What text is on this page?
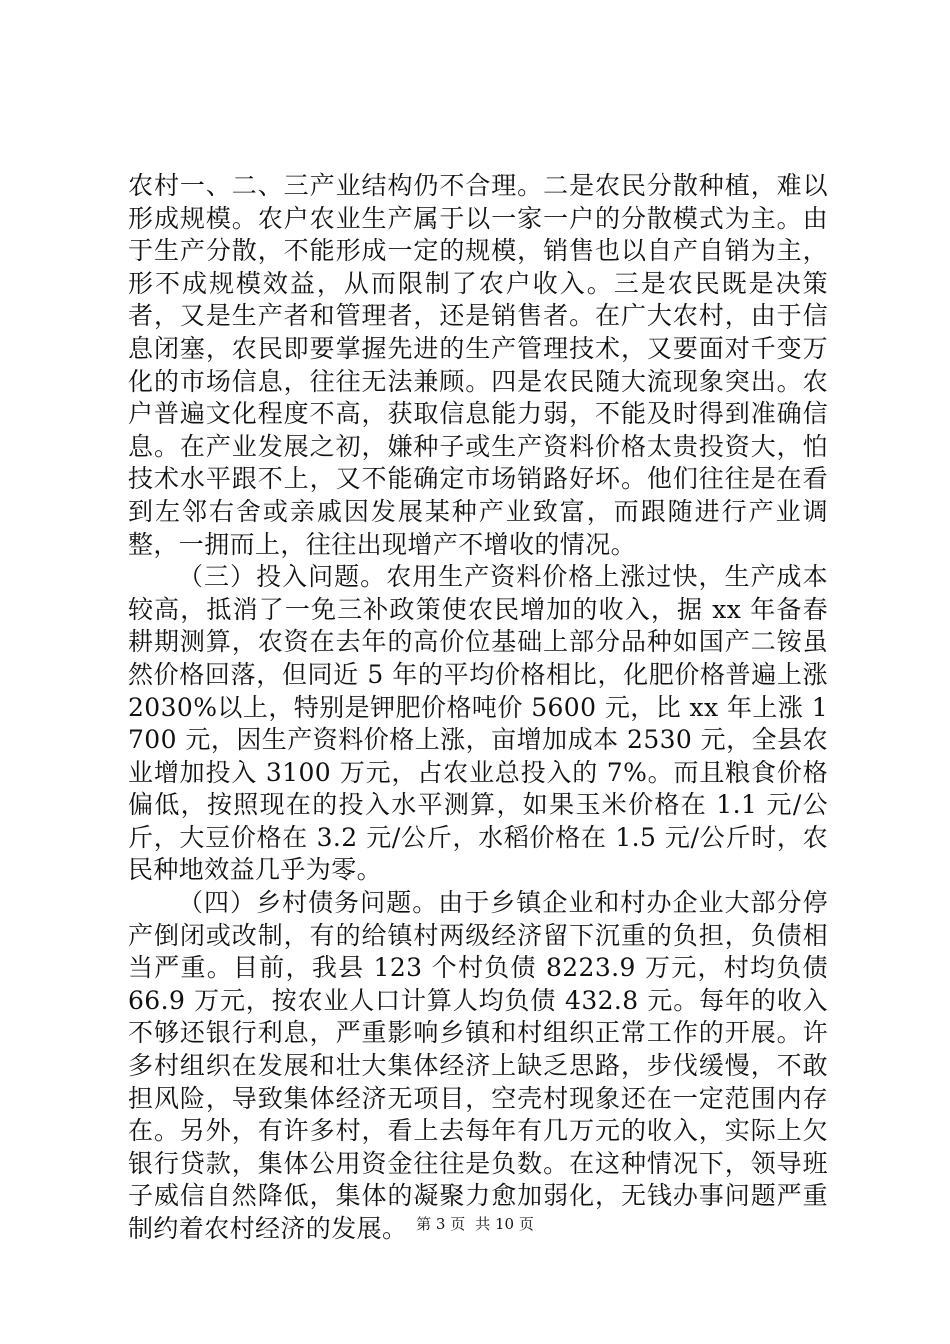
农村一、二、三产业结构仍不合理。二是农民分散种植，难以形成规模。农户农业生产属于以一家一户的分散模式为主。由于生产分散，不能形成一定的规模，销售也以自产自销为主，形不成规模效益，从而限制了农户收入。三是农民既是决策者，又是生产者和管理者，还是销售者。在广大农村，由于信息闭塞，农民即要掌握先进的生产管理技术，又要面对千变万化的市场信息，往往无法兼顾。四是农民随大流现象突出。农户普遍文化程度不高，获取信息能力弱，不能及时得到准确信息。在产业发展之初，嫌种子或生产资料价格太贵投资大，怕技术水平跟不上，又不能确定市场销路好坏。他们往往是在看到左邻右舍或亲戚因发展某种产业致富，而跟随进行产业调整，一拥而上，往往出现增产不增收的情况。

（三）投入问题。农用生产资料价格上涨过快，生产成本较高，抵消了一免三补政策使农民增加的收入，据 xx 年备春耕期测算，农资在去年的高价位基础上部分品种如国产二铵虽然价格回落，但同近 5 年的平均价格相比，化肥价格普遍上涨 2030%以上，特别是钾肥价格吨价 5600 元，比 xx 年上涨 1700 元，因生产资料价格上涨，亩增加成本 2530 元，全县农业增加投入 3100 万元，占农业总投入的 7%。而且粮食价格偏低，按照现在的投入水平测算，如果玉米价格在 1.1 元/公斤，大豆价格在 3.2 元/公斤，水稻价格在 1.5 元/公斤时，农民种地效益几乎为零。

（四）乡村债务问题。由于乡镇企业和村办企业大部分停产倒闭或改制，有的给镇村两级经济留下沉重的负担，负债相当严重。目前，我县 123 个村负债 8223.9 万元，村均负债 66.9 万元，按农业人口计算人均负债 432.8 元。每年的收入不够还银行利息，严重影响乡镇和村组织正常工作的开展。许多村组织在发展和壮大集体经济上缺乏思路，步伐缓慢，不敢担风险，导致集体经济无项目，空壳村现象还在一定范围内存在。另外，有许多村，看上去每年有几万元的收入，实际上欠银行贷款，集体公用资金往往是负数。在这种情况下，领导班子威信自然降低，集体的凝聚力愈加弱化，无钱办事问题严重制约着农村经济的发展。 第 3 页 共 10 页
